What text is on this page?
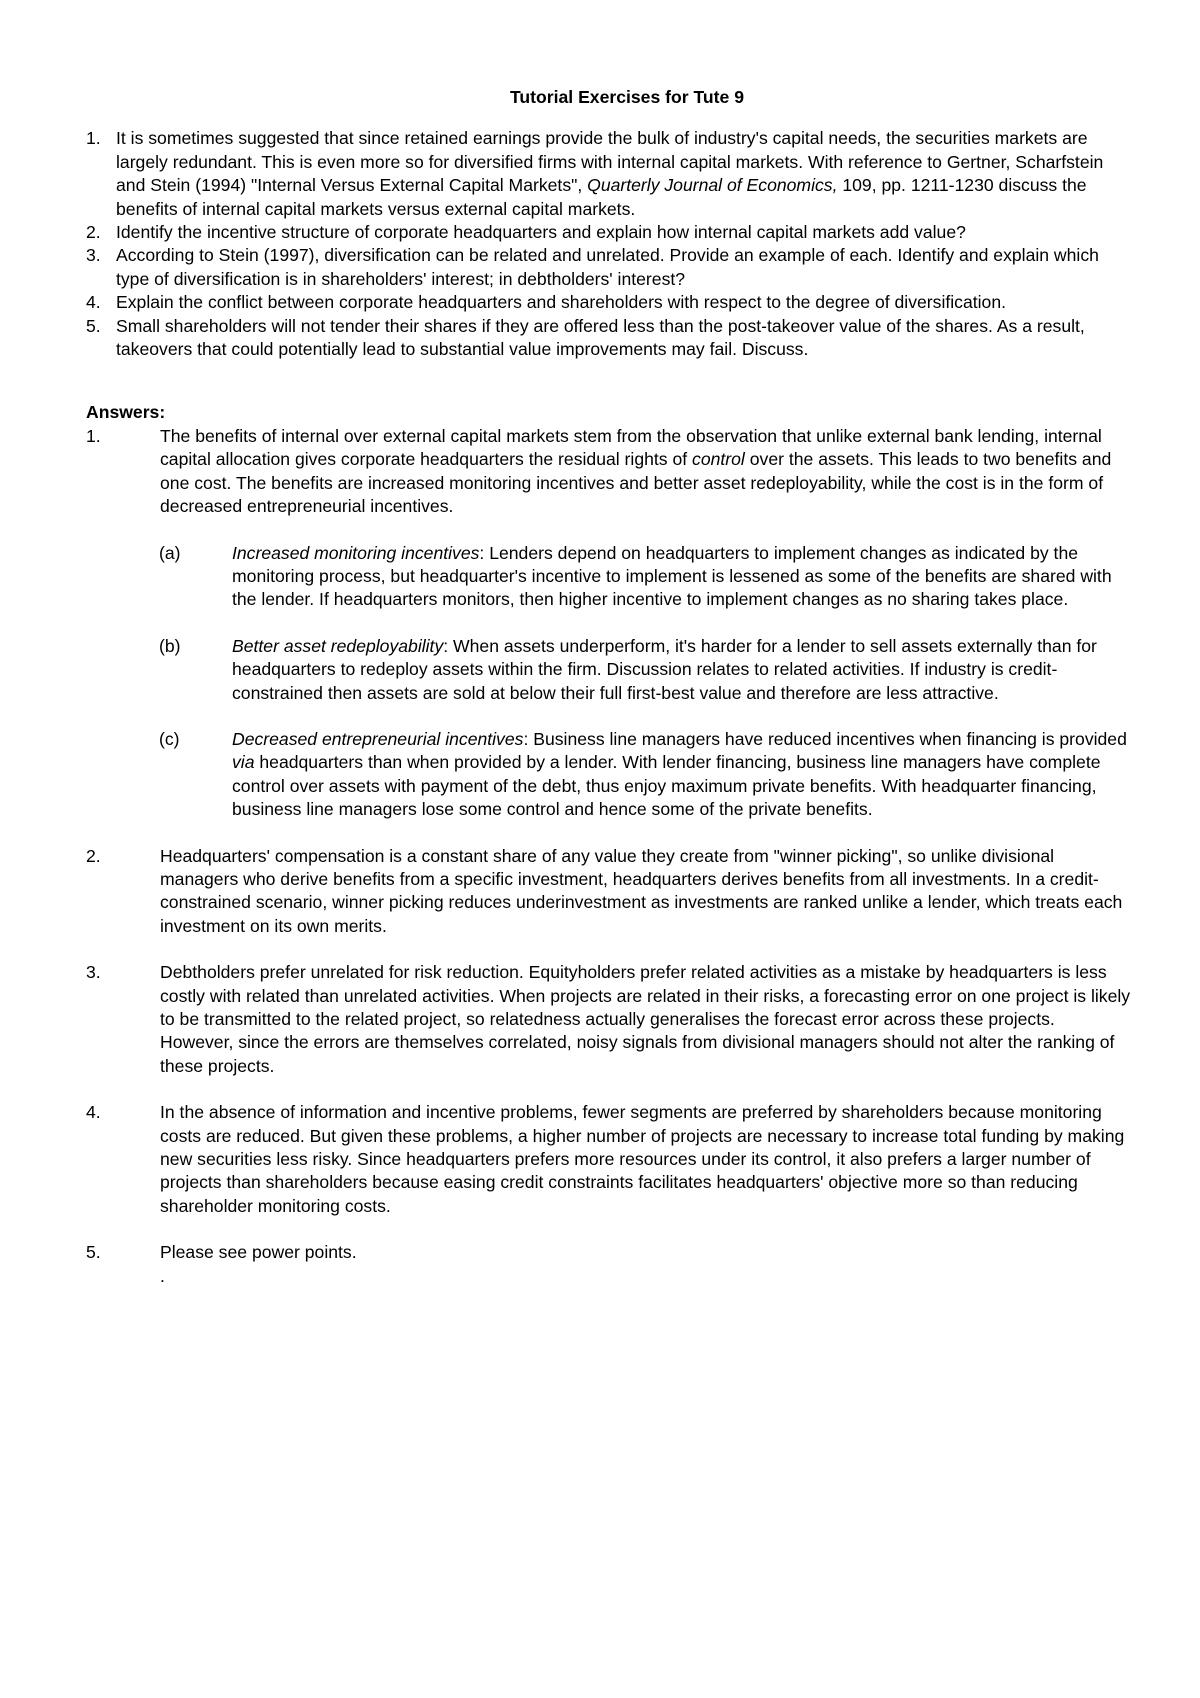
Tutorial Exercises for Tute 9
1. It is sometimes suggested that since retained earnings provide the bulk of industry's capital needs, the securities markets are largely redundant. This is even more so for diversified firms with internal capital markets. With reference to Gertner, Scharfstein and Stein (1994) "Internal Versus External Capital Markets", Quarterly Journal of Economics, 109, pp. 1211-1230 discuss the benefits of internal capital markets versus external capital markets.
2. Identify the incentive structure of corporate headquarters and explain how internal capital markets add value?
3. According to Stein (1997), diversification can be related and unrelated. Provide an example of each. Identify and explain which type of diversification is in shareholders' interest; in debtholders' interest?
4. Explain the conflict between corporate headquarters and shareholders with respect to the degree of diversification.
5. Small shareholders will not tender their shares if they are offered less than the post-takeover value of the shares. As a result, takeovers that could potentially lead to substantial value improvements may fail. Discuss.
Answers:
1.	The benefits of internal over external capital markets stem from the observation that unlike external bank lending, internal capital allocation gives corporate headquarters the residual rights of control over the assets. This leads to two benefits and one cost. The benefits are increased monitoring incentives and better asset redeployability, while the cost is in the form of decreased entrepreneurial incentives.

(a)	Increased monitoring incentives: Lenders depend on headquarters to implement changes as indicated by the monitoring process, but headquarter's incentive to implement is lessened as some of the benefits are shared with the lender. If headquarters monitors, then higher incentive to implement changes as no sharing takes place.
(b)	Better asset redeployability: When assets underperform, it's harder for a lender to sell assets externally than for headquarters to redeploy assets within the firm. Discussion relates to related activities. If industry is credit-constrained then assets are sold at below their full first-best value and therefore are less attractive.
(c)	Decreased entrepreneurial incentives: Business line managers have reduced incentives when financing is provided via headquarters than when provided by a lender. With lender financing, business line managers have complete control over assets with payment of the debt, thus enjoy maximum private benefits. With headquarter financing, business line managers lose some control and hence some of the private benefits.
2.	Headquarters' compensation is a constant share of any value they create from "winner picking", so unlike divisional managers who derive benefits from a specific investment, headquarters derives benefits from all investments. In a credit-constrained scenario, winner picking reduces underinvestment as investments are ranked unlike a lender, which treats each investment on its own merits.
3.	Debtholders prefer unrelated for risk reduction. Equityholders prefer related activities as a mistake by headquarters is less costly with related than unrelated activities. When projects are related in their risks, a forecasting error on one project is likely to be transmitted to the related project, so relatedness actually generalises the forecast error across these projects. However, since the errors are themselves correlated, noisy signals from divisional managers should not alter the ranking of these projects.
4.	In the absence of information and incentive problems, fewer segments are preferred by shareholders because monitoring costs are reduced. But given these problems, a higher number of projects are necessary to increase total funding by making new securities less risky. Since headquarters prefers more resources under its control, it also prefers a larger number of projects than shareholders because easing credit constraints facilitates headquarters' objective more so than reducing shareholder monitoring costs.
5.	Please see power points.

.
